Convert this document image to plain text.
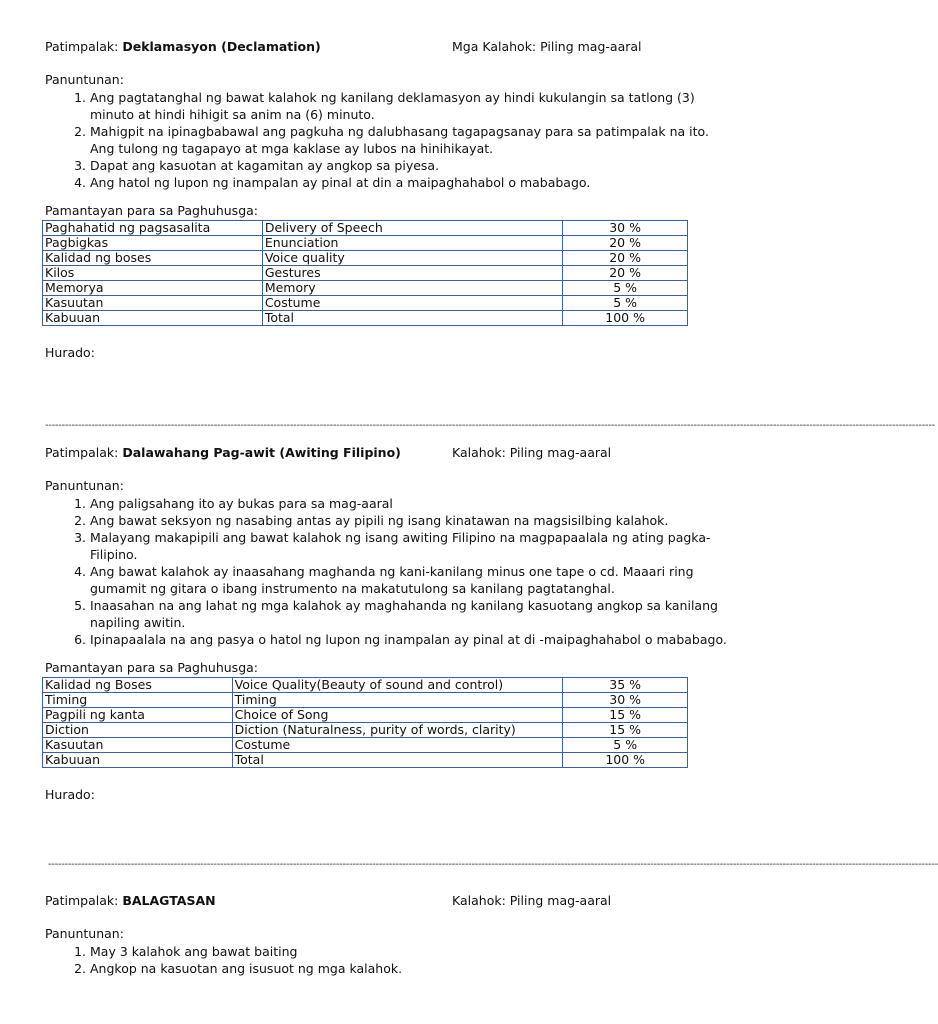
Patimpalak: Deklamasyon (Declamation)	Mga Kalahok: Piling mag-aaral
Panuntunan:
1. Ang pagtatanghal ng bawat kalahok ng kanilang deklamasyon ay hindi kukulangin sa tatlong (3) minuto at hindi hihigit sa anim na (6) minuto.
2. Mahigpit na ipinagbabawal ang pagkuha ng dalubhasang tagapagsanay para sa patimpalak na ito. Ang tulong ng tagapayo at mga kaklase ay lubos na hinihikayat.
3. Dapat ang kasuotan at kagamitan ay angkop sa piyesa.
4. Ang hatol ng lupon ng inampalan ay pinal at din a maipaghahabol o mababago.
Pamantayan para sa Paghuhusga:
Paghahatid ng pagsasalita	Delivery of Speech	30 %
Pagbigkas	Enunciation	20 %
Kalidad ng boses	Voice quality	20 %
Kilos	Gestures	20 %
Memorya	Memory	5 %
Kasuutan	Costume	5 %
Kabuuan	Total	100 %
Hurado:
-----------------------------------------------------------------------------------------------------------------------------------------------------------------------------------------------------------------------------------------------------------------------------
Patimpalak: Dalawahang Pag-awit (Awiting Filipino)	Kalahok: Piling mag-aaral
Panuntunan:
1. Ang paligsahang ito ay bukas para sa mag-aaral
2. Ang bawat seksyon ng nasabing antas ay pipili ng isang kinatawan na magsisilbing kalahok.
3. Malayang makapipili ang bawat kalahok ng isang awiting Filipino na magpapaalala ng ating pagka-Filipino.
4. Ang bawat kalahok ay inaasahang maghanda ng kani-kanilang minus one tape o cd. Maaari ring gumamit ng gitara o ibang instrumento na makatutulong sa kanilang pagtatanghal.
5. Inaasahan na ang lahat ng mga kalahok ay maghahanda ng kanilang kasuotang angkop sa kanilang napiling awitin.
6. Ipinapaalala na ang pasya o hatol ng lupon ng inampalan ay pinal at di -maipaghahabol o mababago.
Pamantayan para sa Paghuhusga:
Kalidad ng Boses	Voice Quality(Beauty of sound and control)	35 %
Timing	Timing	30 %
Pagpili ng kanta	Choice of Song	15 %
Diction	Diction (Naturalness, purity of words, clarity)	15 %
Kasuutan	Costume	5 %
Kabuuan	Total	100 %
Hurado:
-----------------------------------------------------------------------------------------------------------------------------------------------------------------------------------------------------------------------------------------------------------------------------
Patimpalak: BALAGTASAN	Kalahok: Piling mag-aaral
Panuntunan:
1. May 3 kalahok ang bawat baiting
2. Angkop na kasuotan ang isusuot ng mga kalahok.
